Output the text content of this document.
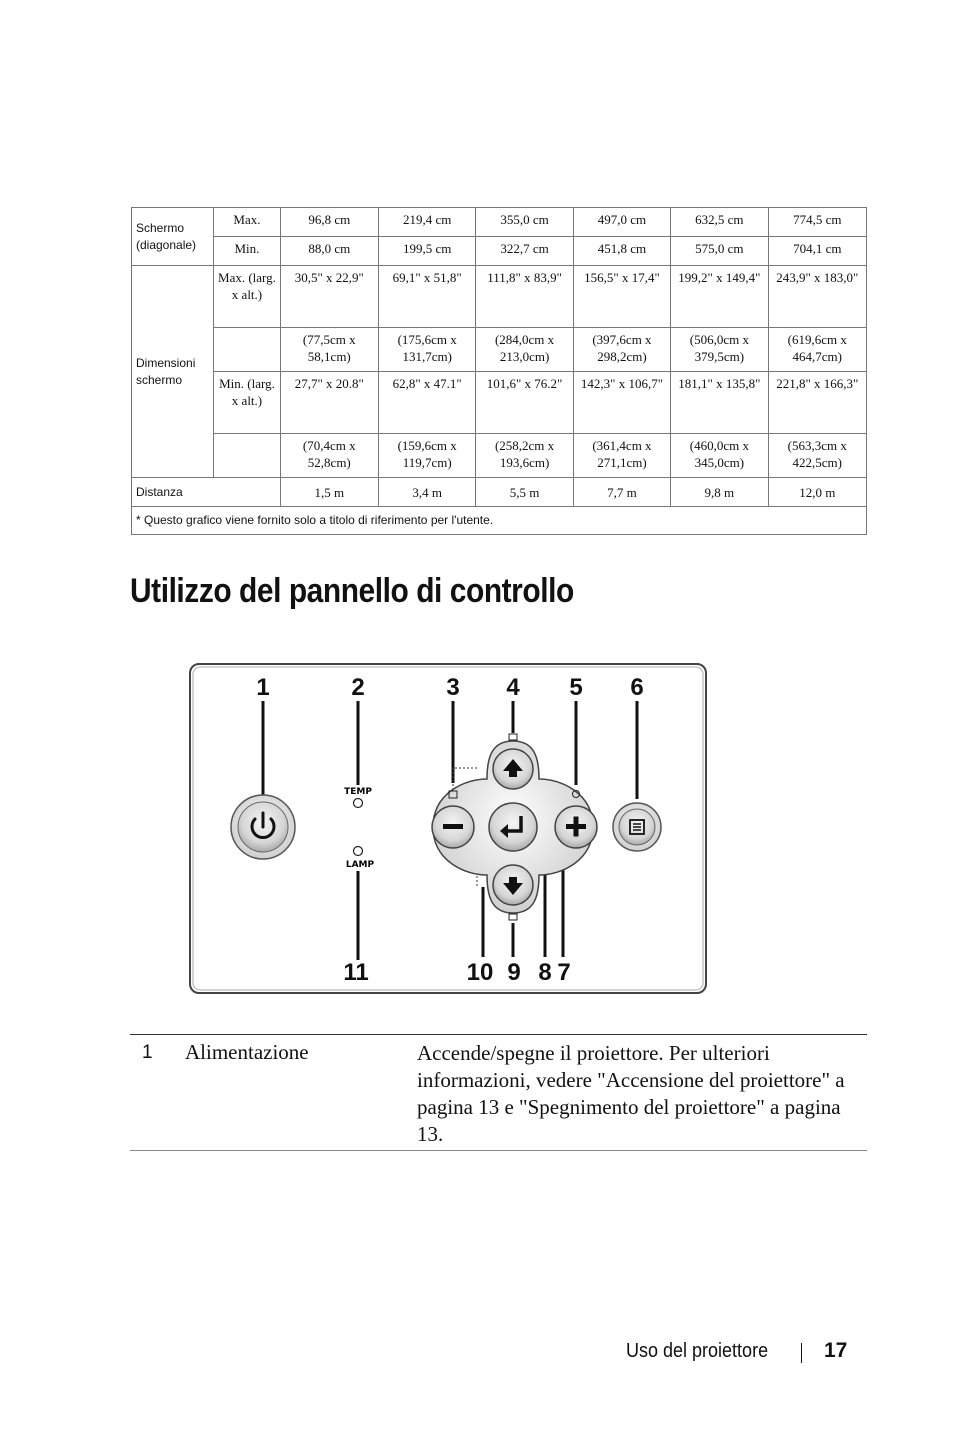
Schermo (diagonale)	Max.	96,8 cm	219,4 cm	355,0 cm	497,0 cm	632,5 cm	774,5 cm
	Min.	88,0 cm	199,5 cm	322,7 cm	451,8 cm	575,0 cm	704,1 cm
Dimensioni schermo	Max. (larg. x alt.)	30,5" x 22,9"	69,1" x 51,8"	111,8" x 83,9"	156,5" x 17,4"	199,2" x 149,4"	243,9" x 183,0"
		(77,5cm x 58,1cm)	(175,6cm x 131,7cm)	(284,0cm x 213,0cm)	(397,6cm x 298,2cm)	(506,0cm x 379,5cm)	(619,6cm x 464,7cm)
	Min. (larg. x alt.)	27,7" x 20.8"	62,8" x 47.1"	101,6" x 76.2"	142,3" x 106,7"	181,1" x 135,8"	221,8" x 166,3"
		(70,4cm x 52,8cm)	(159,6cm x 119,7cm)	(258,2cm x 193,6cm)	(361,4cm x 271,1cm)	(460,0cm x 345,0cm)	(563,3cm x 422,5cm)
Distanza		1,5 m	3,4 m	5,5 m	7,7 m	9,8 m	12,0 m
* Questo grafico viene fornito solo a titolo di riferimento per l'utente.							
Utilizzo del pannello di controllo
1	2	3 4 5 6
11	10 9 8 7
TEMP
LAMP
1 Alimentazione	Accende/spegne il proiettore. Per ulteriori informazioni, vedere "Accensione del proiettore" a pagina 13 e "Spegnimento del proiettore" a pagina 13.
Uso del proiettore	17
